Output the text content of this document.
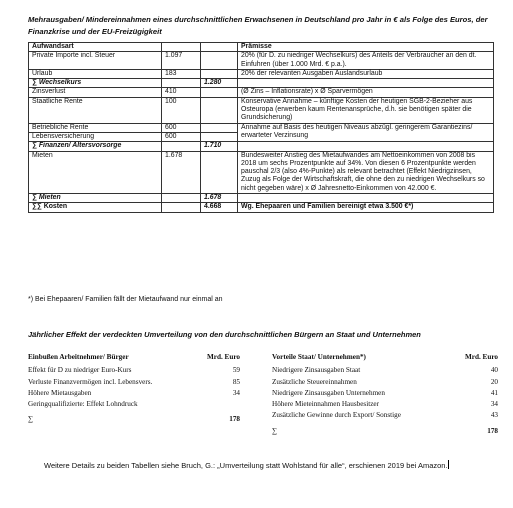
Mehrausgaben/ Mindereinnahmen eines durchschnittlichen Erwachsenen in Deutschland pro Jahr in € als Folge des Euros, der Finanzkrise und der EU-Freizügigkeit
Aufwandsart			Prämisse
Private Importe incl. Steuer	1.097		20% (für D. zu niedriger Wechselkurs) des Anteils der Verbraucher an den dt. Einfuhren (über 1.000 Mrd. € p.a.).
Urlaub	183		20% der relevanten Ausgaben Auslandsurlaub
∑ Wechselkurs		1.280	
Zinsverlust	410		(Ø Zins – Inflationsrate) x Ø Sparvermögen
Staatliche Rente	100		Konservative Annahme – künftige Kosten der heutigen SGB-2-Bezieher aus Osteuropa (erwerben kaum Rentenansprüche, d.h. sie benötigen später die Grundsicherung)
Betriebliche Rente	600		Annahme auf Basis des heutigen Niveaus abzügl. geringerem Garantiezins/ erwarteter Verzinsung
Lebensversicherung	600		
∑ Finanzen/ Altersvorsorge		1.710	
Mieten	1.678		Bundesweiter Anstieg des Mietaufwandes am Nettoeinkommen von 2008 bis 2018 um sechs Prozentpunkte auf 34%. Von diesen 6 Prozentpunkte werden pauschal 2/3 (also 4%-Punkte) als relevant betrachtet (Effekt Niedrigzinsen, Zuzug als Folge der Wirtschaftskraft, die ohne den zu niedrigen Wechselkurs so nicht gegeben wäre) x Ø Jahresnetto-Einkommen von 42.000 €.
∑ Mieten		1.678	
∑∑ Kosten		4.668	Wg. Ehepaaren und Familien bereinigt etwa 3.500 €*)
*) Bei Ehepaaren/ Familien fällt der Mietaufwand nur einmal an
Jährlicher Effekt der verdeckten Umverteilung von den durchschnittlichen Bürgern an Staat und Unternehmen
Einbußen Arbeitnehmer/ Bürger	Mrd. Euro
Effekt für D zu niedriger Euro-Kurs	59
Verluste Finanzvermögen incl. Lebensvers.	85
Höhere Mietausgaben	34
Geringqualifizierte: Effekt Lohndruck
∑	178
Vorteile Staat/ Unternehmen*)	Mrd. Euro
Niedrigere Zinsausgaben Staat	40
Zusätzliche Steuereinnahmen	20
Niedrigere Zinsausgaben Unternehmen	41
Höhere Mieteinnahmen Hausbesitzer	34
Zusätzliche Gewinne durch Export/ Sonstige	43
∑	178
Weitere Details zu beiden Tabellen siehe Bruch, G.: „Umverteilung statt Wohlstand für alle“, erschienen 2019 bei Amazon.
